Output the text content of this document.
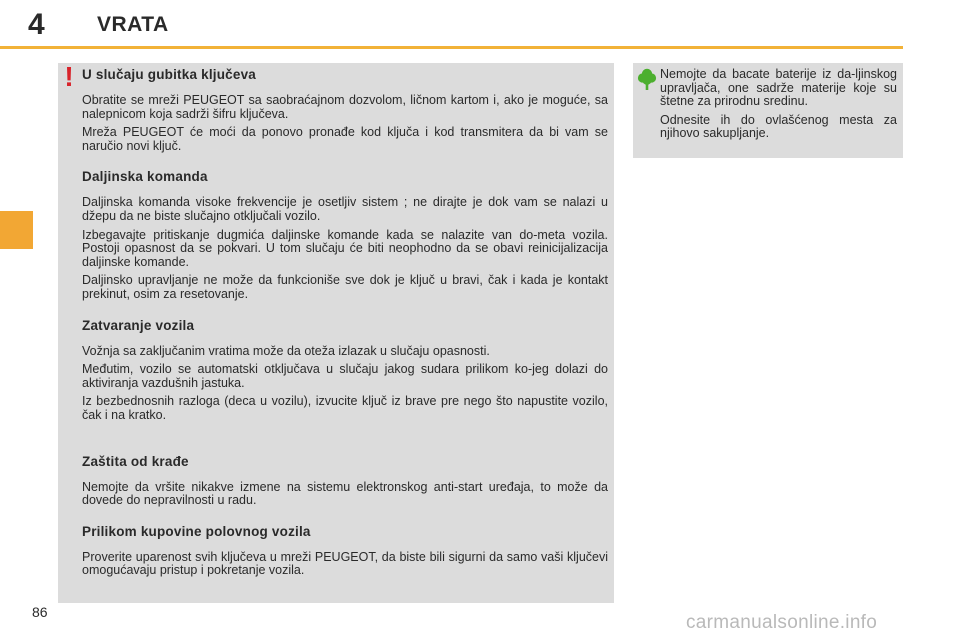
4 VRATA
! U slučaju gubitka ključeva

Obratite se mreži PEUGEOT sa saobraćajnom dozvolom, ličnom kartom i, ako je moguće, sa nalepnicom koja sadrži šifru ključeva.

Mreža PEUGEOT će moći da ponovo pronađe kod ključa i kod transmitera da bi vam se naručio novi ključ.

Daljinska komanda

Daljinska komanda visoke frekvencije je osetljiv sistem ; ne dirajte je dok vam se nalazi u džepu da ne biste slučajno otključali vozilo.

Izbegavajte pritiskanje dugmića daljinske komande kada se nalazite van do-meta vozila. Postoji opasnost da se pokvari. U tom slučaju će biti neophodno da se obavi reinicijalizacija daljinske komande.

Daljinsko upravljanje ne može da funkcioniše sve dok je ključ u bravi, čak i kada je kontakt prekinut, osim za resetovanje.

Zatvaranje vozila

Vožnja sa zaključanim vratima može da oteža izlazak u slučaju opasnosti.

Međutim, vozilo se automatski otključava u slučaju jakog sudara prilikom ko-jeg dolazi do aktiviranja vazdušnih jastuka.

Iz bezbednosnih razloga (deca u vozilu), izvucite ključ iz brave pre nego što napustite vozilo, čak i na kratko.

Zaštita od krađe

Nemojte da vršite nikakve izmene na sistemu elektronskog anti-start uređaja, to može da dovede do nepravilnosti u radu.

Prilikom kupovine polovnog vozila

Proverite uparenost svih ključeva u mreži PEUGEOT, da biste bili sigurni da samo vaši ključevi omogućavaju pristup i pokretanje vozila.

Nemojte da bacate baterije iz da-ljinskog upravljača, one sadrže materije koje su štetne za prirodnu sredinu.

Odnesite ih do ovlašćenog mesta za njihovo sakupljanje.

86	carmanualsonline.info
